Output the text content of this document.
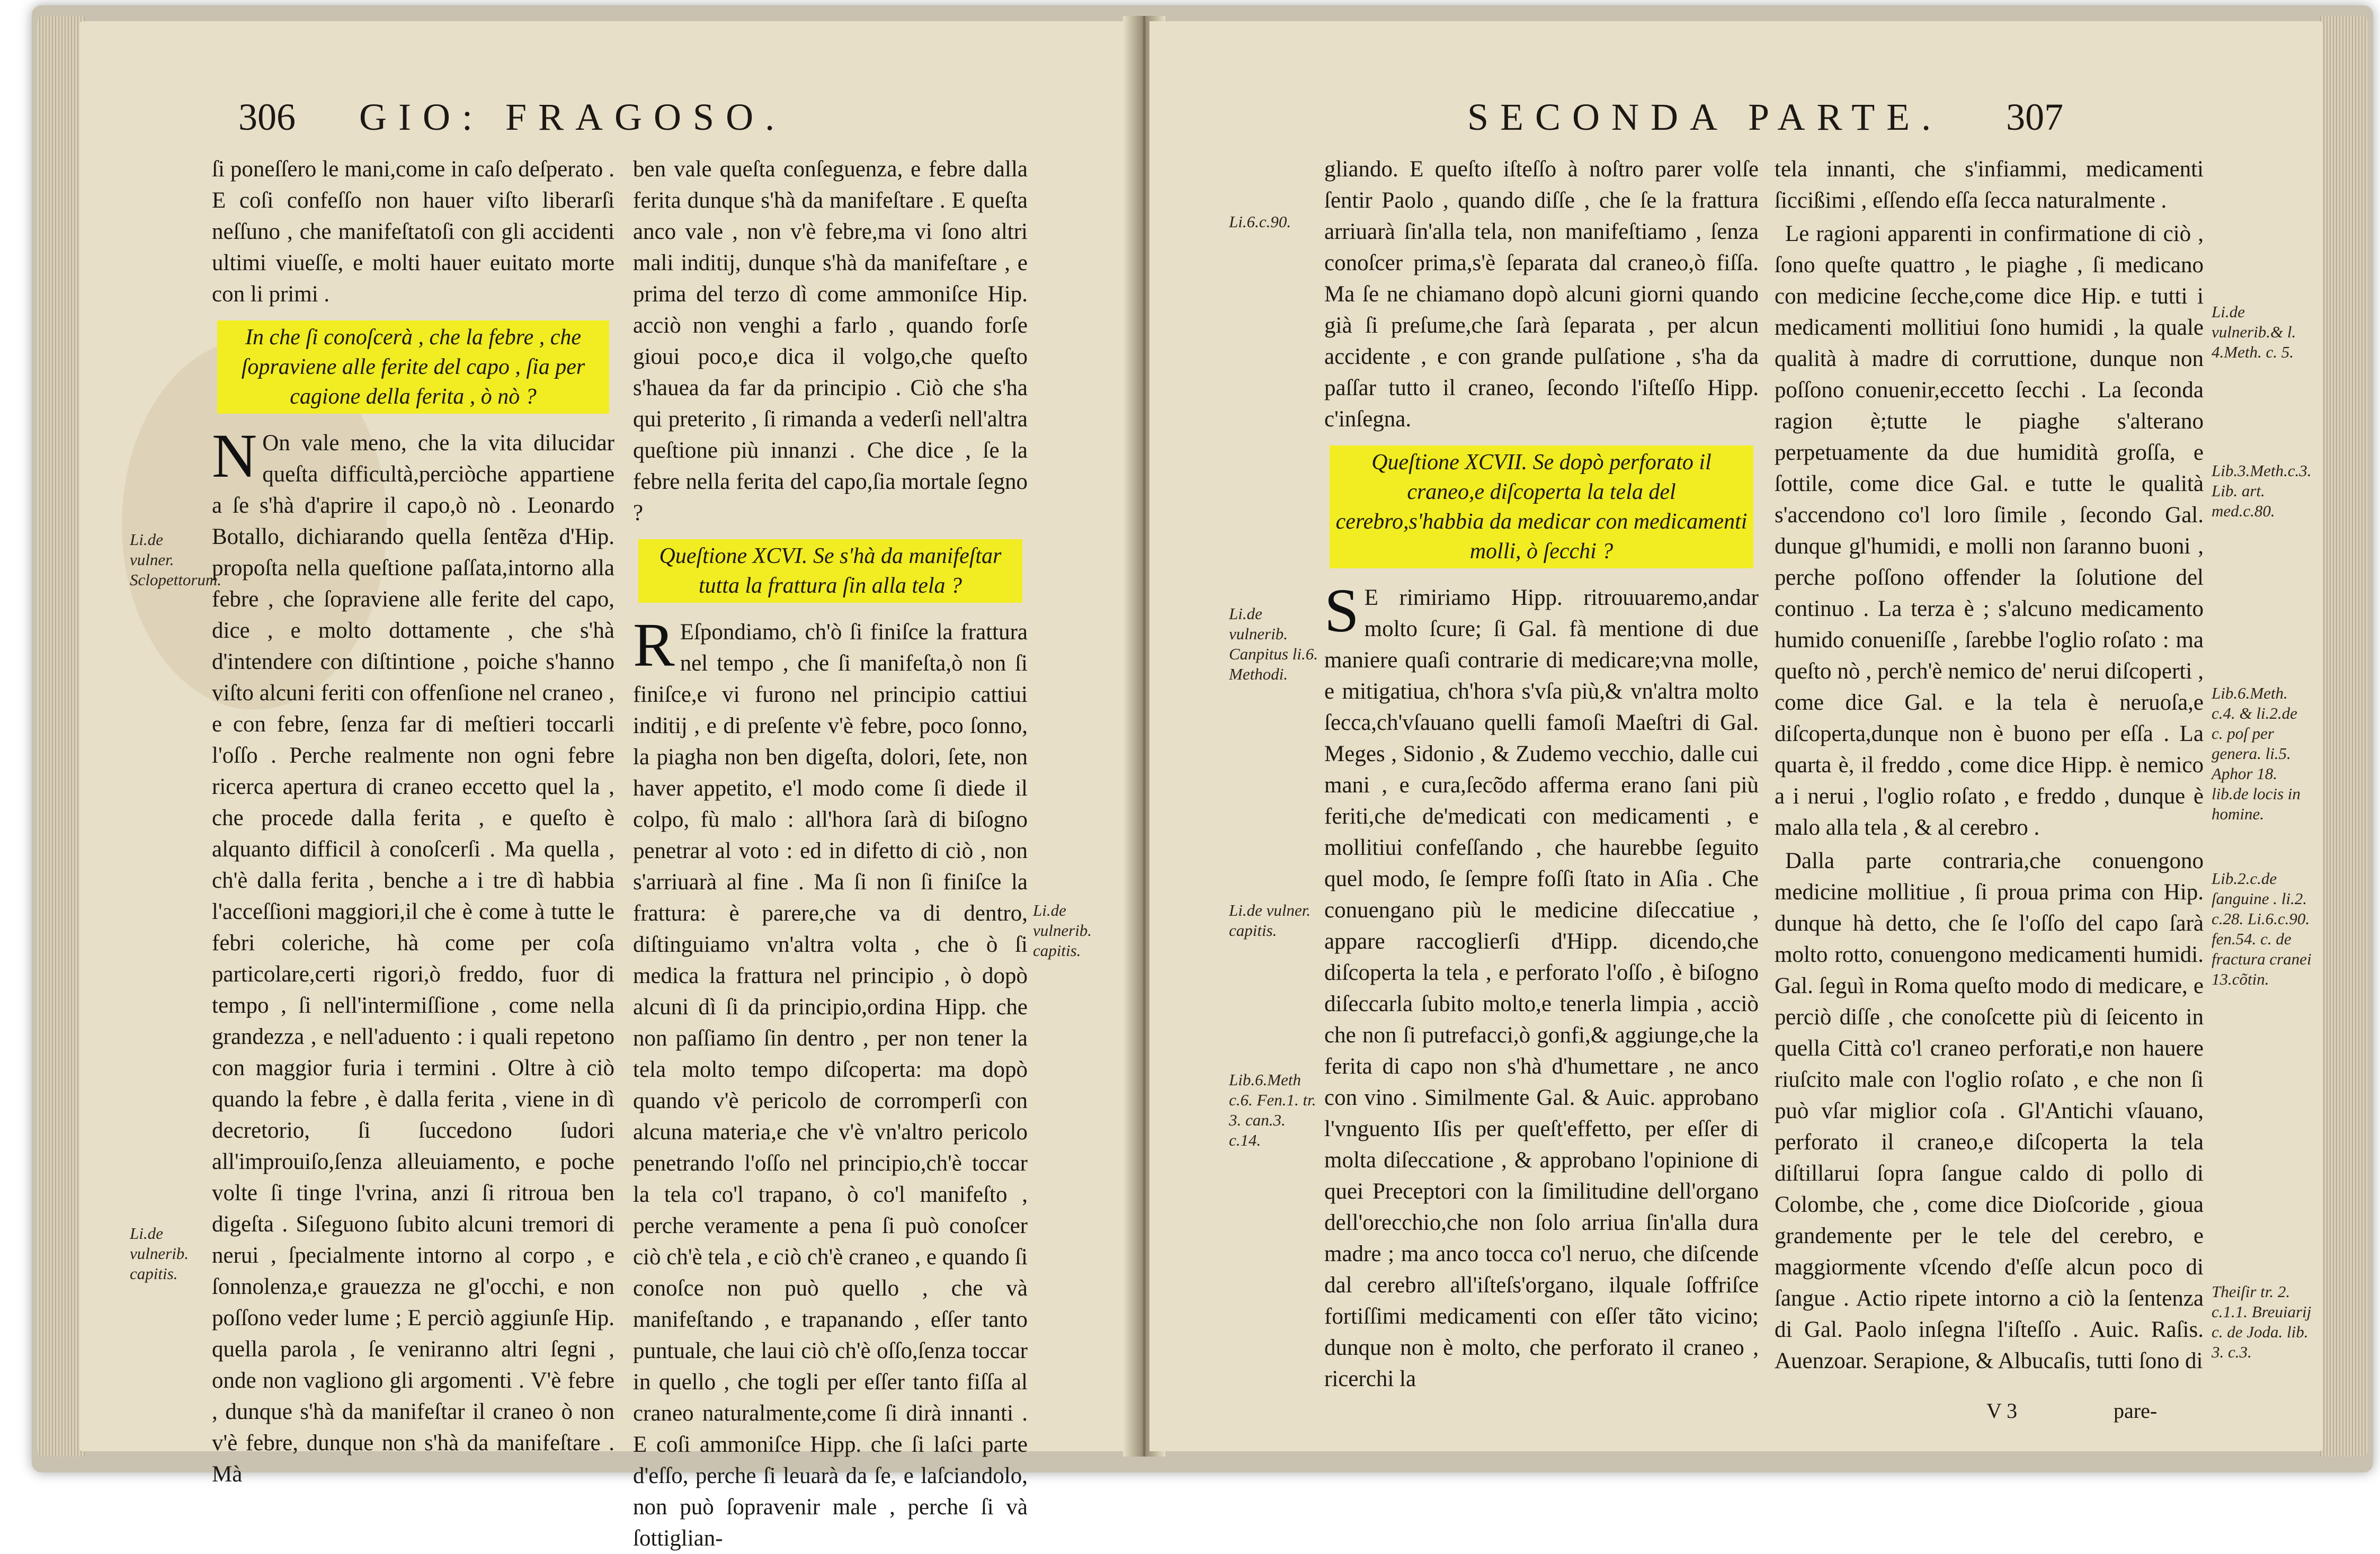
306 GIO: FRAGOSO.

ſi poneſſero le mani,come in caſo deſperato . E coſi confeſſo non hauer viſto liberarſi neſſuno , che manifeſtatoſi con gli accidenti ultimi viueſſe, e molti hauer euitato morte con li primi .

In che ſi conoſcerà , che la febre , che ſopraviene alle ferite del capo , ſia per cagione della ferita , ò nò ?

N On vale meno, che la vita dilucidar queſta difficultà,perciòche appartiene a ſe s'hà d'aprire il capo,ò nò . Leonardo Botallo, dichiarando quella ſentẽza d'Hip. propoſta nella queſtione paſſata,intorno alla febre , che ſopraviene alle ferite del capo, dice , e molto dottamente , che s'hà d'intendere con diſtintione , poiche s'hanno viſto alcuni feriti con offenſione nel craneo , e con febre, ſenza far di meſtieri toccarli l'oſſo . Perche realmente non ogni febre ricerca apertura di craneo eccetto quel la , che procede dalla ferita , e queſto è alquanto difficil à conoſcerſi . Ma quella , ch'è dalla ferita , benche a i tre dì habbia l'acceſſioni maggiori,il che è come à tutte le febri coleriche, hà come per coſa particolare,certi rigori,ò freddo, fuor di tempo , ſi nell'intermiſſione , come nella grandezza , e nell'aduento : i quali repetono con maggior furia i termini . Oltre à ciò quando la febre , è dalla ferita , viene in dì decretorio, ſi ſuccedono ſudori all'improuiſo,ſenza alleuiamento, e poche volte ſi tinge l'vrina, anzi ſi ritroua ben digeſta . Siſeguono ſubito alcuni tremori di nerui , ſpecialmente intorno al corpo , e ſonnolenza,e grauezza ne gl'occhi, e non poſſono veder lume ; E perciò aggiunſe Hip. quella parola , ſe veniranno altri ſegni , onde non vagliono gli argomenti . V'è febre , dunque s'hà da manifeſtar il craneo ò non v'è febre, dunque non s'hà da manifeſtare . Mà

ben vale queſta conſeguenza, e febre dalla ferita dunque s'hà da manifeſtare . E queſta anco vale , non v'è febre,ma vi ſono altri mali inditij, dunque s'hà da manifeſtare , e prima del terzo dì come ammoniſce Hip. acciò non venghi a farlo , quando forſe gioui poco,e dica il volgo,che queſto s'hauea da far da principio . Ciò che s'ha qui preterito , ſi rimanda a vederſi nell'altra queſtione più innanzi . Che dice , ſe la febre nella ferita del capo,ſia mortale ſegno ?

Queſtione XCVI. Se s'hà da manifeſtar tutta la frattura ſin alla tela ?

R Eſpondiamo, ch'ò ſi finiſce la frattura nel tempo , che ſi manifeſta,ò non ſi finiſce,e vi furono nel principio cattiui inditij , e di preſente v'è febre, poco ſonno, la piagha non ben digeſta, dolori, ſete, non haver appetito, e'l modo come ſi diede il colpo, fù malo : all'hora ſarà di biſogno penetrar al voto : ed in difetto di ciò , non s'arriuarà al fine . Ma ſi non ſi finiſce la frattura: è parere,che va di dentro, diſtinguiamo vn'altra volta , che ò ſi medica la frattura nel principio , ò dopò alcuni dì ſi da principio,ordina Hipp. che non paſſiamo ſin dentro , per non tener la tela molto tempo diſcoperta: ma dopò quando v'è pericolo de corromperſi con alcuna materia,e che v'è vn'altro pericolo penetrando l'oſſo nel principio,ch'è toccar la tela co'l trapano, ò co'l manifeſto , perche veramente a pena ſi può conoſcer ciò ch'è tela , e ciò ch'è craneo , e quando ſi conoſce non può quello , che và manifeſtando , e trapanando , eſſer tanto puntuale, che laui ciò ch'è oſſo,ſenza toccar in quello , che togli per eſſer tanto fiſſa al craneo naturalmente,come ſi dirà innanti . E coſi ammoniſce Hipp. che ſi laſci parte d'eſſo, perche ſi leuarà da ſe, e laſciandolo, non può ſopravenir male , perche ſi và ſottiglian-

Li.de vulner. Sclopettorum.
Li.de vulnerib. capitis.
Li.de vulnerib. capitis.
SECONDA PARTE. 307

gliando. E queſto iſteſſo à noſtro parer volſe ſentir Paolo , quando diſſe , che ſe la frattura arriuarà ſin'alla tela, non manifeſtiamo , ſenza conoſcer prima,s'è ſeparata dal craneo,ò fiſſa. Ma ſe ne chiamano dopò alcuni giorni quando già ſi preſume,che ſarà ſeparata , per alcun accidente , e con grande pulſatione , s'ha da paſſar tutto il craneo, ſecondo l'iſteſſo Hipp. c'inſegna.

Queſtione XCVII. Se dopò perforato il craneo,e diſcoperta la tela del cerebro,s'habbia da medicar con medicamenti molli, ò ſecchi ?

S E rimiriamo Hipp. ritrouuaremo,andar molto ſcure; ſi Gal. fà mentione di due maniere quaſi contrarie di medicare;vna molle, e mitigatiua, ch'hora s'vſa più,& vn'altra molto ſecca,ch'vſauano quelli famoſi Maeſtri di Gal. Meges , Sidonio , & Zudemo vecchio, dalle cui mani , e cura,ſecõdo afferma erano ſani più feriti,che de'medicati con medicamenti , e mollitiui confeſſando , che haurebbe ſeguito quel modo, ſe ſempre foſſi ſtato in Aſia . Che conuengano più le medicine diſeccatiue , appare raccoglierſi d'Hipp. dicendo,che diſcoperta la tela , e perforato l'oſſo , è biſogno diſeccarla ſubito molto,e tenerla limpia , acciò che non ſi putrefacci,ò gonfi,& aggiunge,che la ferita di capo non s'hà d'humettare , ne anco con vino . Similmente Gal. & Auic. approbano l'vnguento Iſis per queſt'effetto, per eſſer di molta diſeccatione , & approbano l'opinione di quei Preceptori con la ſimilitudine dell'organo dell'orecchio,che non ſolo arriua ſin'alla dura madre ; ma anco tocca co'l neruo, che diſcende dal cerebro all'iſteſs'organo, ilquale ſoffriſce fortiſſimi medicamenti con eſſer tãto vicino; dunque non è molto, che perforato il craneo , ricerchi la

tela innanti, che s'infiammi, medicamenti ſiccißimi , eſſendo eſſa ſecca naturalmente .

Le ragioni apparenti in confirmatione di ciò , ſono queſte quattro , le piaghe , ſi medicano con medicine ſecche,come dice Hip. e tutti i medicamenti mollitiui ſono humidi , la quale qualità à madre di corruttione, dunque non poſſono conuenir,eccetto ſecchi . La ſeconda ragion è;tutte le piaghe s'alterano perpetuamente da due humidità groſſa, e ſottile, come dice Gal. e tutte le qualità s'accendono co'l loro ſimile , ſecondo Gal. dunque gl'humidi, e molli non ſaranno buoni , perche poſſono offender la ſolutione del continuo . La terza è ; s'alcuno medicamento humido conueniſſe , ſarebbe l'oglio roſato : ma queſto nò , perch'è nemico de' nerui diſcoperti , come dice Gal. e la tela è neruoſa,e diſcoperta,dunque non è buono per eſſa . La quarta è, il freddo , come dice Hipp. è nemico a i nerui , l'oglio roſato , e freddo , dunque è malo alla tela , & al cerebro .

Dalla parte contraria,che conuengono medicine mollitiue , ſi proua prima con Hip. dunque hà detto, che ſe l'oſſo del capo ſarà molto rotto, conuengono medicamenti humidi. Gal. ſeguì in Roma queſto modo di medicare, e perciò diſſe , che conoſcette più di ſeicento in quella Città co'l craneo perforati,e non hauere riuſcito male con l'oglio roſato , e che non ſi può vſar miglior coſa . Gl'Antichi vſauano, perforato il craneo,e diſcoperta la tela diſtillarui ſopra ſangue caldo di pollo di Colombe, che , come dice Dioſcoride , gioua grandemente per le tele del cerebro, e maggiormente vſcendo d'eſſe alcun poco di ſangue . Actio ripete intorno a ciò la ſentenza di Gal. Paolo inſegna l'iſteſſo . Auic. Raſis. Auenzoar. Serapione, & Albucaſis, tutti ſono di

Li.6.c.90.
Li.de vulnerib. Canpitus li.6. Methodi.
Li.de vulner. capitis.
Lib.6.Meth c.6. Fen.1. tr. 3. can.3. c.14.
Li.de vulnerib.& l. 4.Meth. c. 5.
Lib.3.Meth.c.3. Lib. art. med.c.80.
Lib.6.Meth. c.4. & li.2.de c. poſ per genera. li.5. Aphor 18. lib.de locis in homine.
Lib.2.c.de ſanguine . li.2. c.28. Li.6.c.90. fen.54. c. de fractura cranei 13.cõtin.
Theiſir tr. 2. c.1.1. Breuiarij c. de Joda. lib. 3. c.3.
V 3	pare-
